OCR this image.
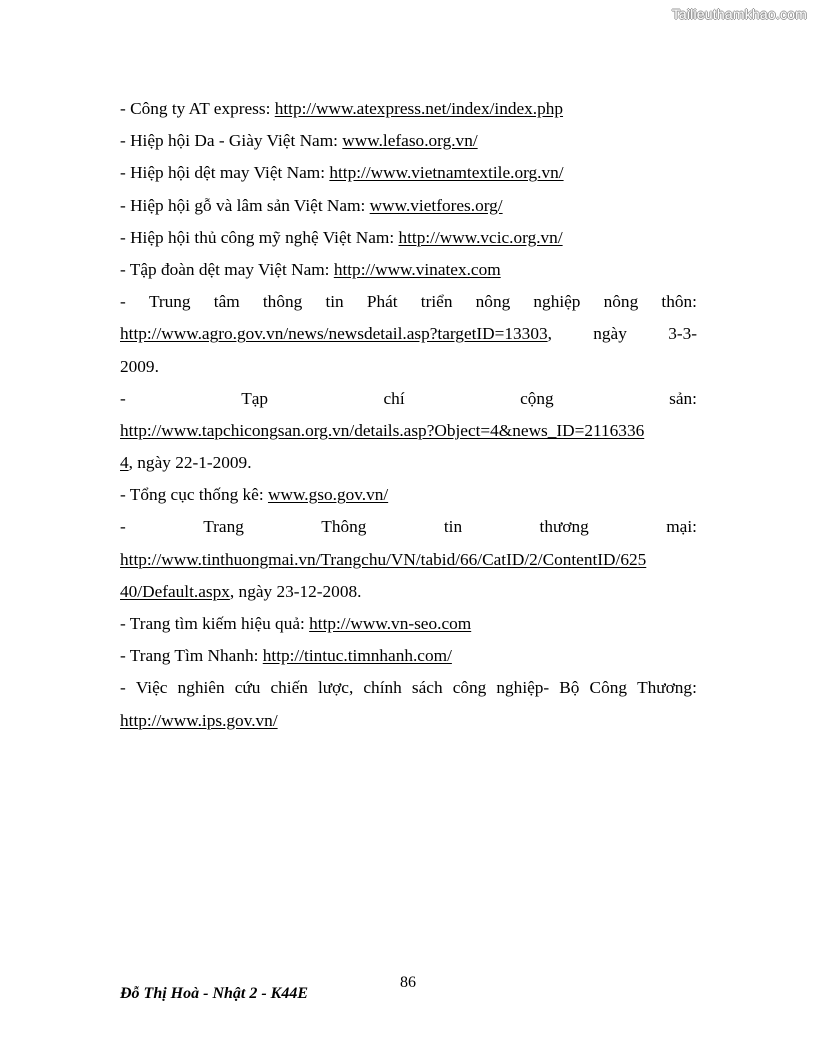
Tailieuthamkhao.com
- Công ty AT express: http://www.atexpress.net/index/index.php
- Hiệp hội Da - Giày Việt Nam: www.lefaso.org.vn/
- Hiệp hội dệt may Việt Nam: http://www.vietnamtextile.org.vn/
- Hiệp hội gỗ và lâm sản Việt Nam: www.vietfores.org/
- Hiệp hội thủ công mỹ nghệ Việt Nam: http://www.vcic.org.vn/
- Tập đoàn dệt may Việt Nam: http://www.vinatex.com
- Trung tâm thông tin Phát triển nông nghiệp nông thôn:
http://www.agro.gov.vn/news/newsdetail.asp?targetID=13303, ngày 3-3-
2009.
-	Tạp	chí	cộng	sản:
http://www.tapchicongsan.org.vn/details.asp?Object=4&news_ID=2116336
4, ngày 22-1-2009.
- Tổng cục thống kê: www.gso.gov.vn/
-	Trang	Thông	tin	thương	mại:
http://www.tinthuongmai.vn/Trangchu/VN/tabid/66/CatID/2/ContentID/625
40/Default.aspx, ngày 23-12-2008.
- Trang tìm kiếm hiệu quả: http://www.vn-seo.com
- Trang Tìm Nhanh: http://tintuc.timnhanh.com/
- Việc nghiên cứu chiến lược, chính sách công nghiệp- Bộ Công Thương:
http://www.ips.gov.vn/
86
Đỗ Thị Hoà - Nhật 2 - K44E
